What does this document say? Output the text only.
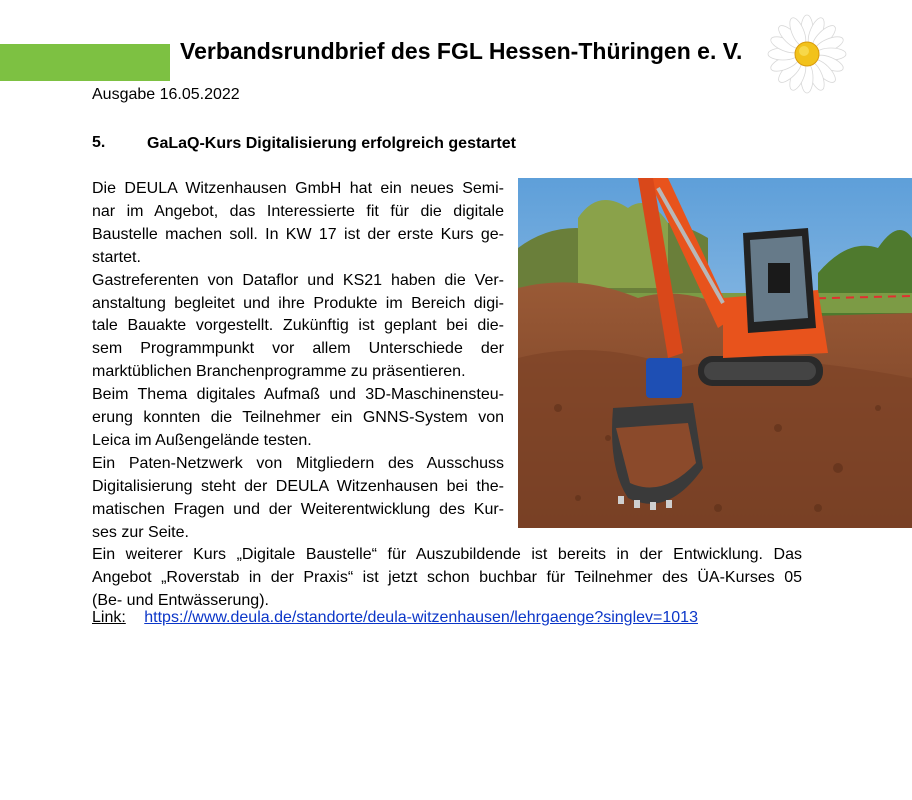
Verbandsrundbrief des FGL Hessen-Thüringen e. V.
Ausgabe 16.05.2022
5.	GaLaQ-Kurs Digitalisierung erfolgreich gestartet
Die DEULA Witzenhausen GmbH hat ein neues Semi-
nar im Angebot, das Interessierte fit für die digitale
Baustelle machen soll. In KW 17 ist der erste Kurs ge-
startet.
Gastreferenten von Dataflor und KS21 haben die Ver-
anstaltung begleitet und ihre Produkte im Bereich digi-
tale Bauakte vorgestellt. Zukünftig ist geplant bei die-
sem Programmpunkt vor allem Unterschiede der
marktüblichen Branchenprogramme zu präsentieren.
Beim Thema digitales Aufmaß und 3D-Maschinensteu-
erung konnten die Teilnehmer ein GNNS-System von
Leica im Außengelände testen.
Ein Paten-Netzwerk von Mitgliedern des Ausschuss
Digitalisierung steht der DEULA Witzenhausen bei the-
matischen Fragen und der Weiterentwicklung des Kur-
ses zur Seite.
Ein weiterer Kurs „Digitale Baustelle“ für Auszubildende ist bereits in der Entwicklung. Das
Angebot „Roverstab in der Praxis“ ist jetzt schon buchbar für Teilnehmer des ÜA-Kurses 05
(Be- und Entwässerung).
Link: https://www.deula.de/standorte/deula-witzenhausen/lehrgaenge?singlev=1013
